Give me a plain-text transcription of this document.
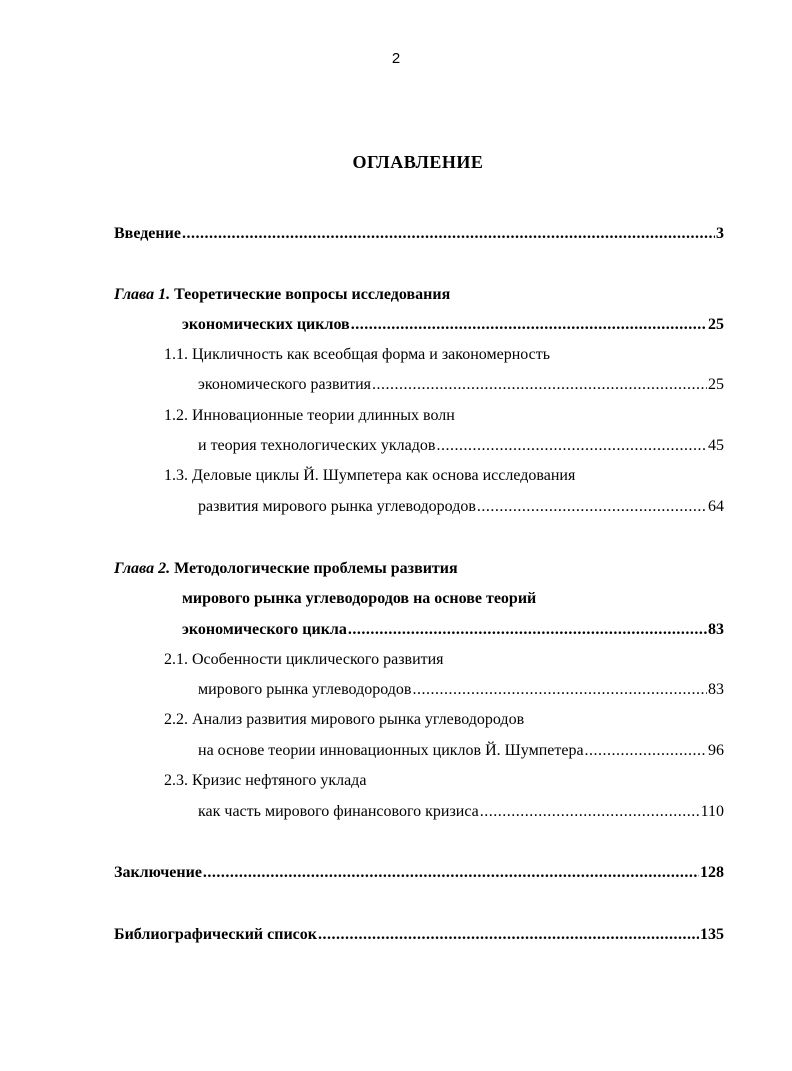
2
ОГЛАВЛЕНИЕ
Введение .....	3
Глава 1. Теоретические вопросы исследования
экономических циклов .....	25
1.1. Цикличность как всеобщая форма и закономерность
экономического развития .....	25
1.2. Инновационные теории длинных волн
и теория технологических укладов .....	45
1.3. Деловые циклы Й. Шумпетера как основа исследования
развития мирового рынка углеводородов .....	64
Глава 2. Методологические проблемы развития
мирового рынка углеводородов на основе теорий
экономического цикла .....	83
2.1. Особенности циклического развития
мирового рынка углеводородов .....	83
2.2. Анализ развития мирового рынка углеводородов
на основе теории инновационных циклов Й. Шумпетера .....	96
2.3. Кризис нефтяного уклада
как часть мирового финансового кризиса .....	110
Заключение .....	128
Библиографический список .....	135
